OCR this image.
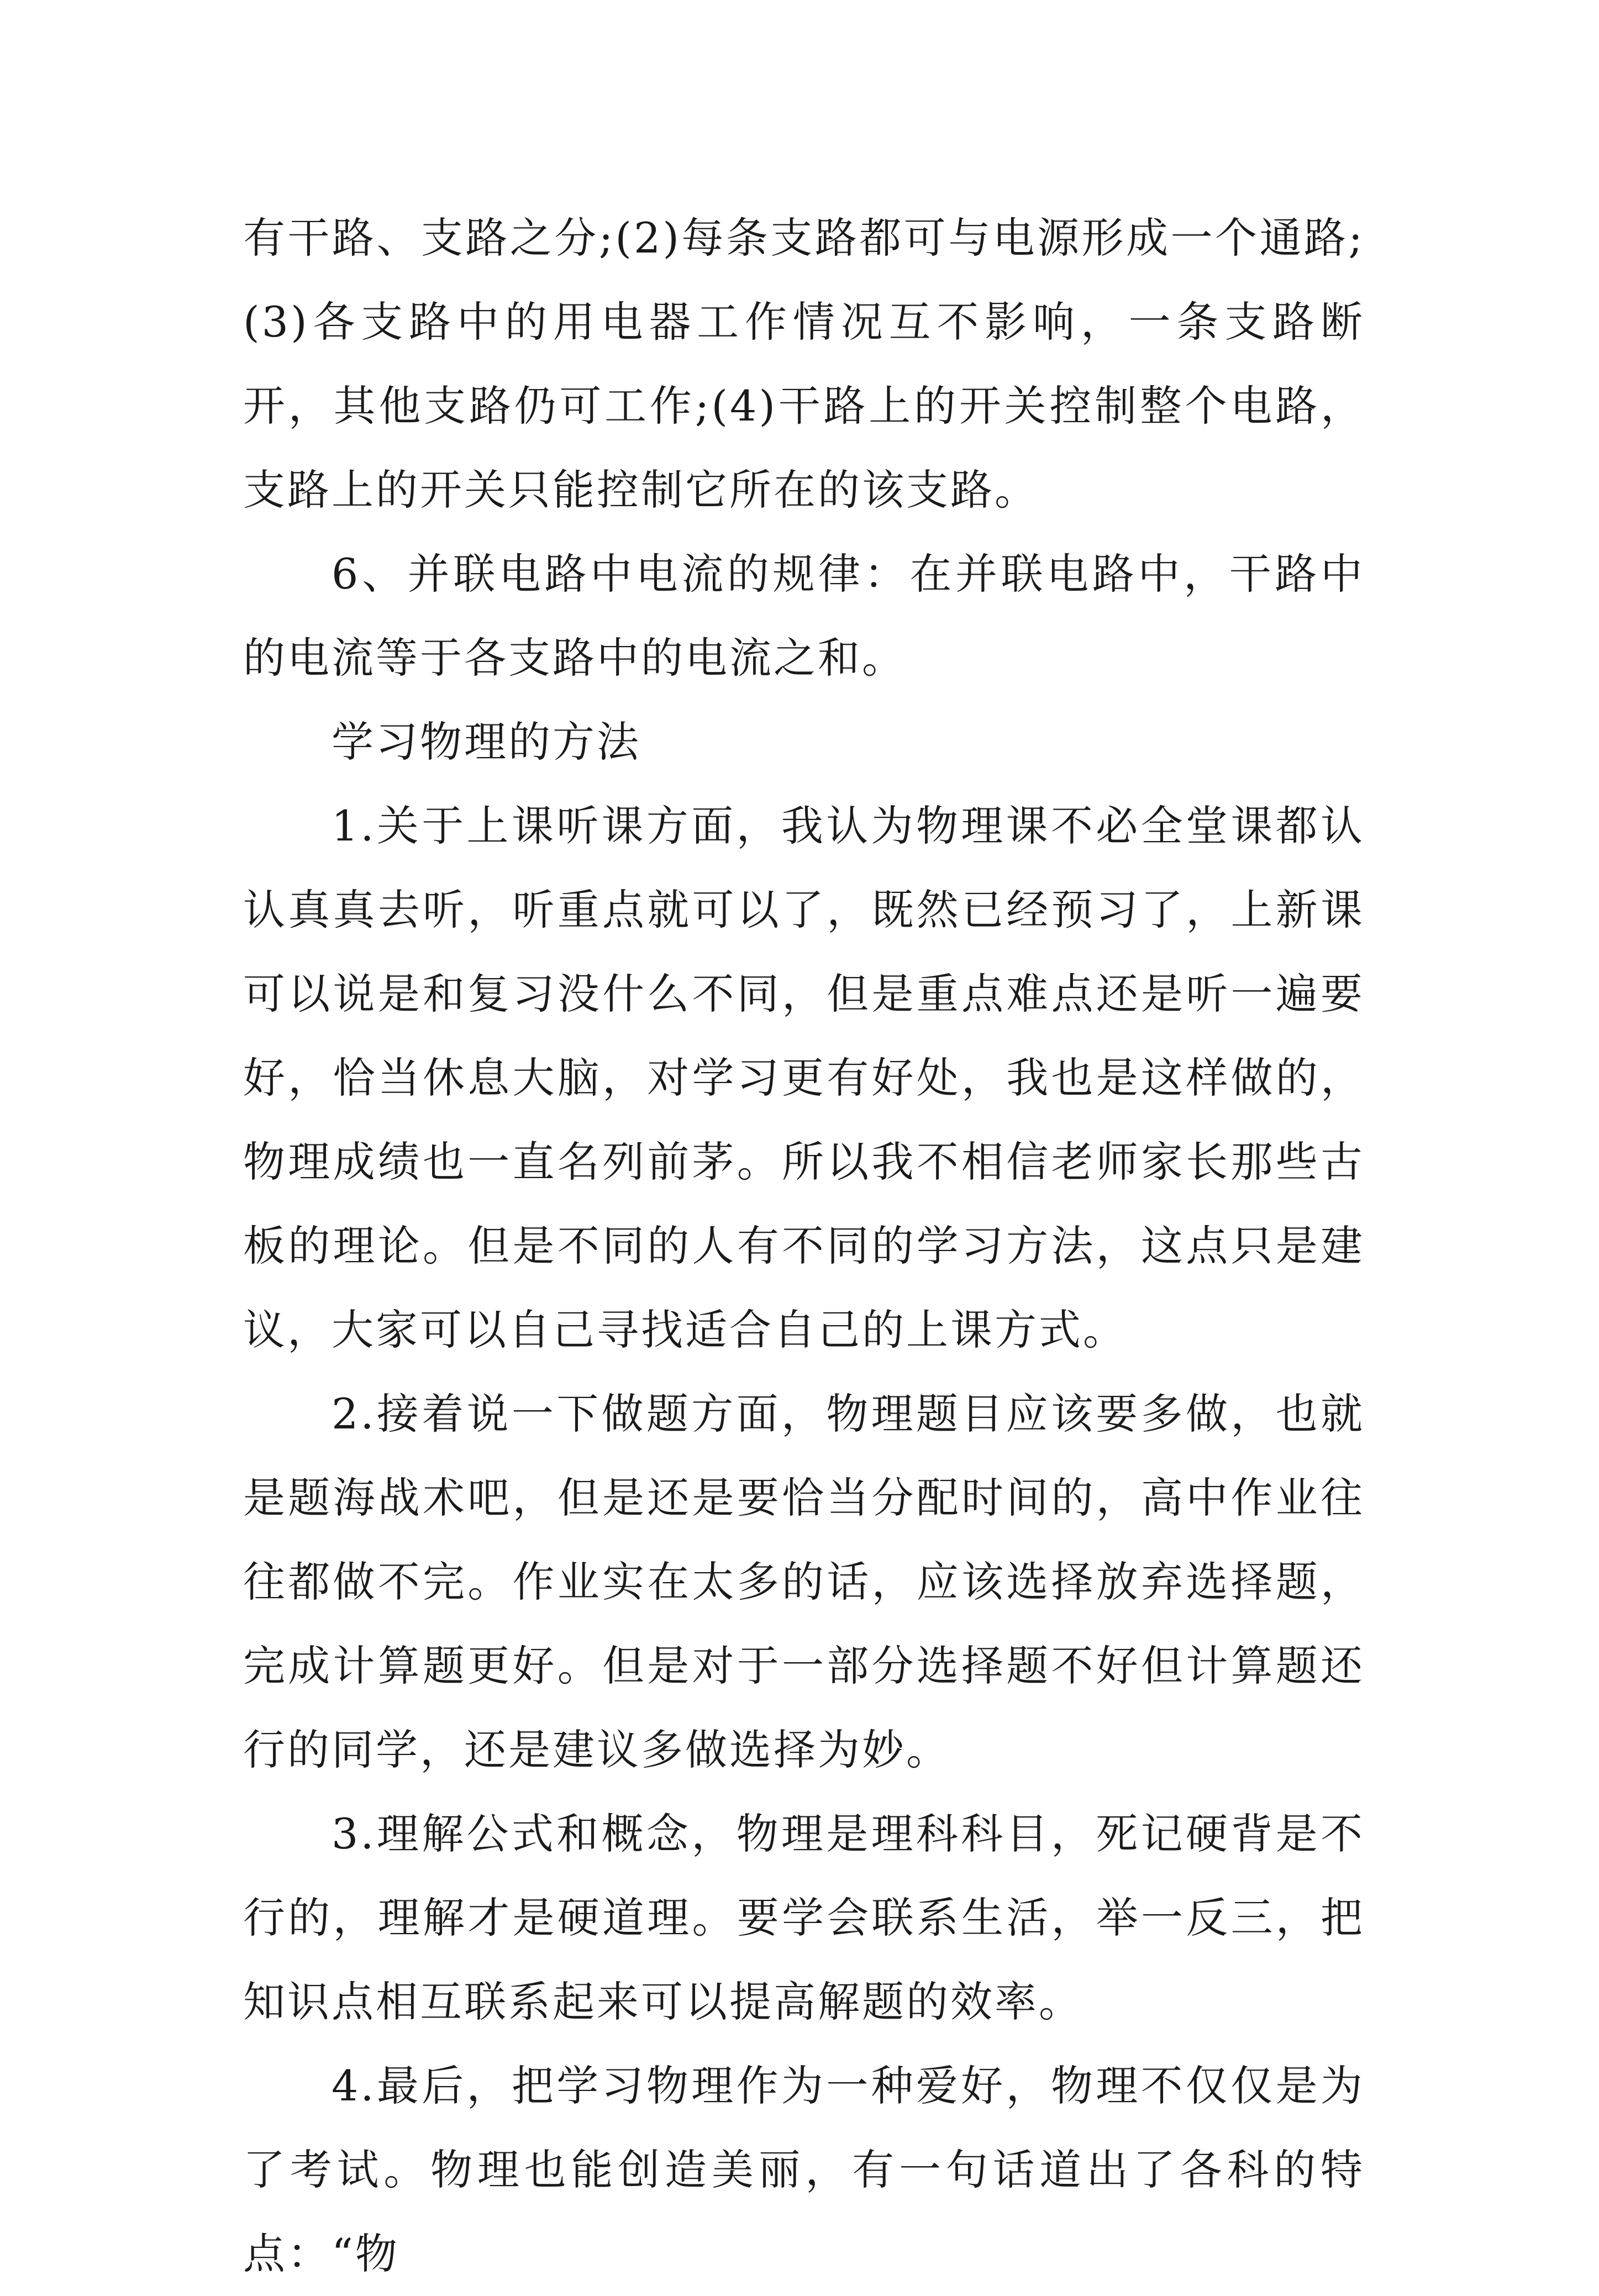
有干路、支路之分;(2)每条支路都可与电源形成一个通路;(3)各支路中的用电器工作情况互不影响，一条支路断开，其他支路仍可工作;(4)干路上的开关控制整个电路，支路上的开关只能控制它所在的该支路。

6、并联电路中电流的规律：在并联电路中，干路中的电流等于各支路中的电流之和。

学习物理的方法

1.关于上课听课方面，我认为物理课不必全堂课都认认真真去听，听重点就可以了，既然已经预习了，上新课可以说是和复习没什么不同，但是重点难点还是听一遍要好，恰当休息大脑，对学习更有好处，我也是这样做的，物理成绩也一直名列前茅。所以我不相信老师家长那些古板的理论。但是不同的人有不同的学习方法，这点只是建议，大家可以自己寻找适合自己的上课方式。

2.接着说一下做题方面，物理题目应该要多做，也就是题海战术吧，但是还是要恰当分配时间的，高中作业往往都做不完。作业实在太多的话，应该选择放弃选择题，完成计算题更好。但是对于一部分选择题不好但计算题还行的同学，还是建议多做选择为妙。

3.理解公式和概念，物理是理科科目，死记硬背是不行的，理解才是硬道理。要学会联系生活，举一反三，把知识点相互联系起来可以提高解题的效率。

4.最后，把学习物理作为一种爱好，物理不仅仅是为了考试。物理也能创造美丽，有一句话道出了各科的特点：“物
